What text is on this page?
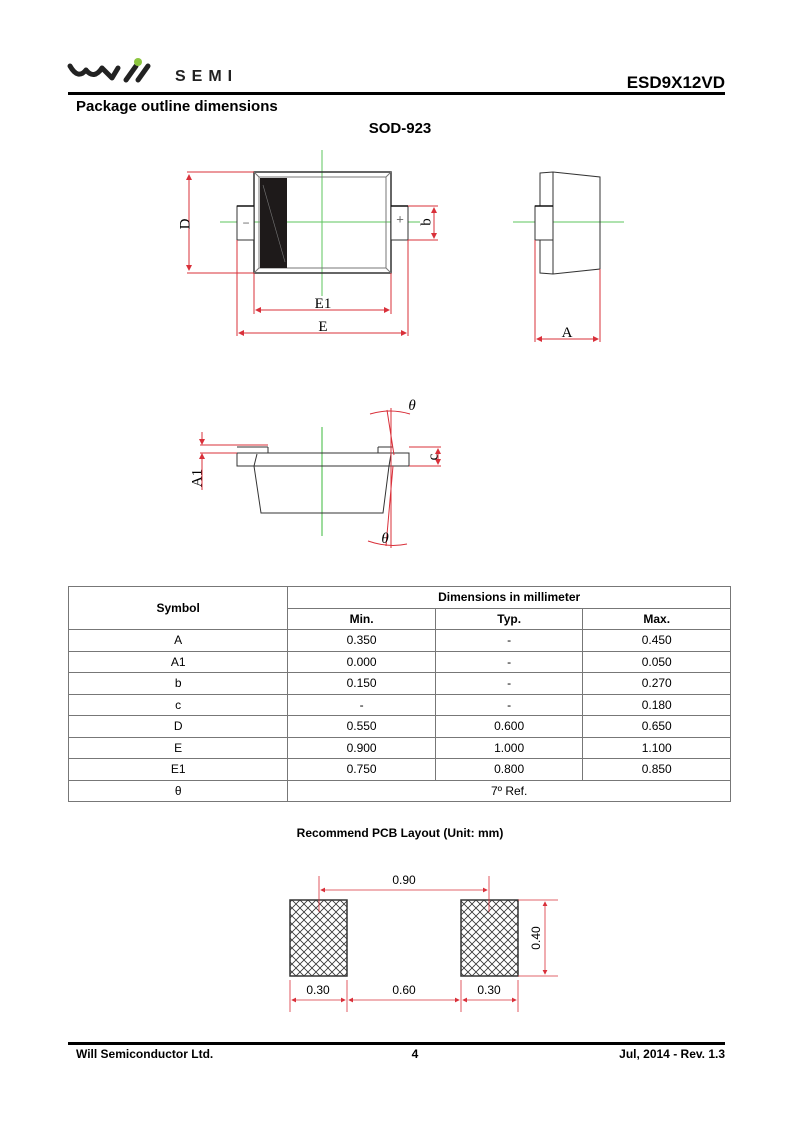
D	b
E1
E
−	+
A
A1
c
θ
θ
0.90
0.40
0.30	0.60	0.30
SEMI	ESD9X12VD
Package outline dimensions
SOD-923
Symbol	Dimensions in millimeter		
	Min.	Typ.	Max.
A	0.350	-	0.450
A1	0.000	-	0.050
b	0.150	-	0.270
c	-	-	0.180
D	0.550	0.600	0.650
E	0.900	1.000	1.100
E1	0.750	0.800	0.850
θ	7º Ref.		
Recommend PCB Layout (Unit: mm)
Will Semiconductor Ltd.	4	Jul, 2014 - Rev. 1.3
